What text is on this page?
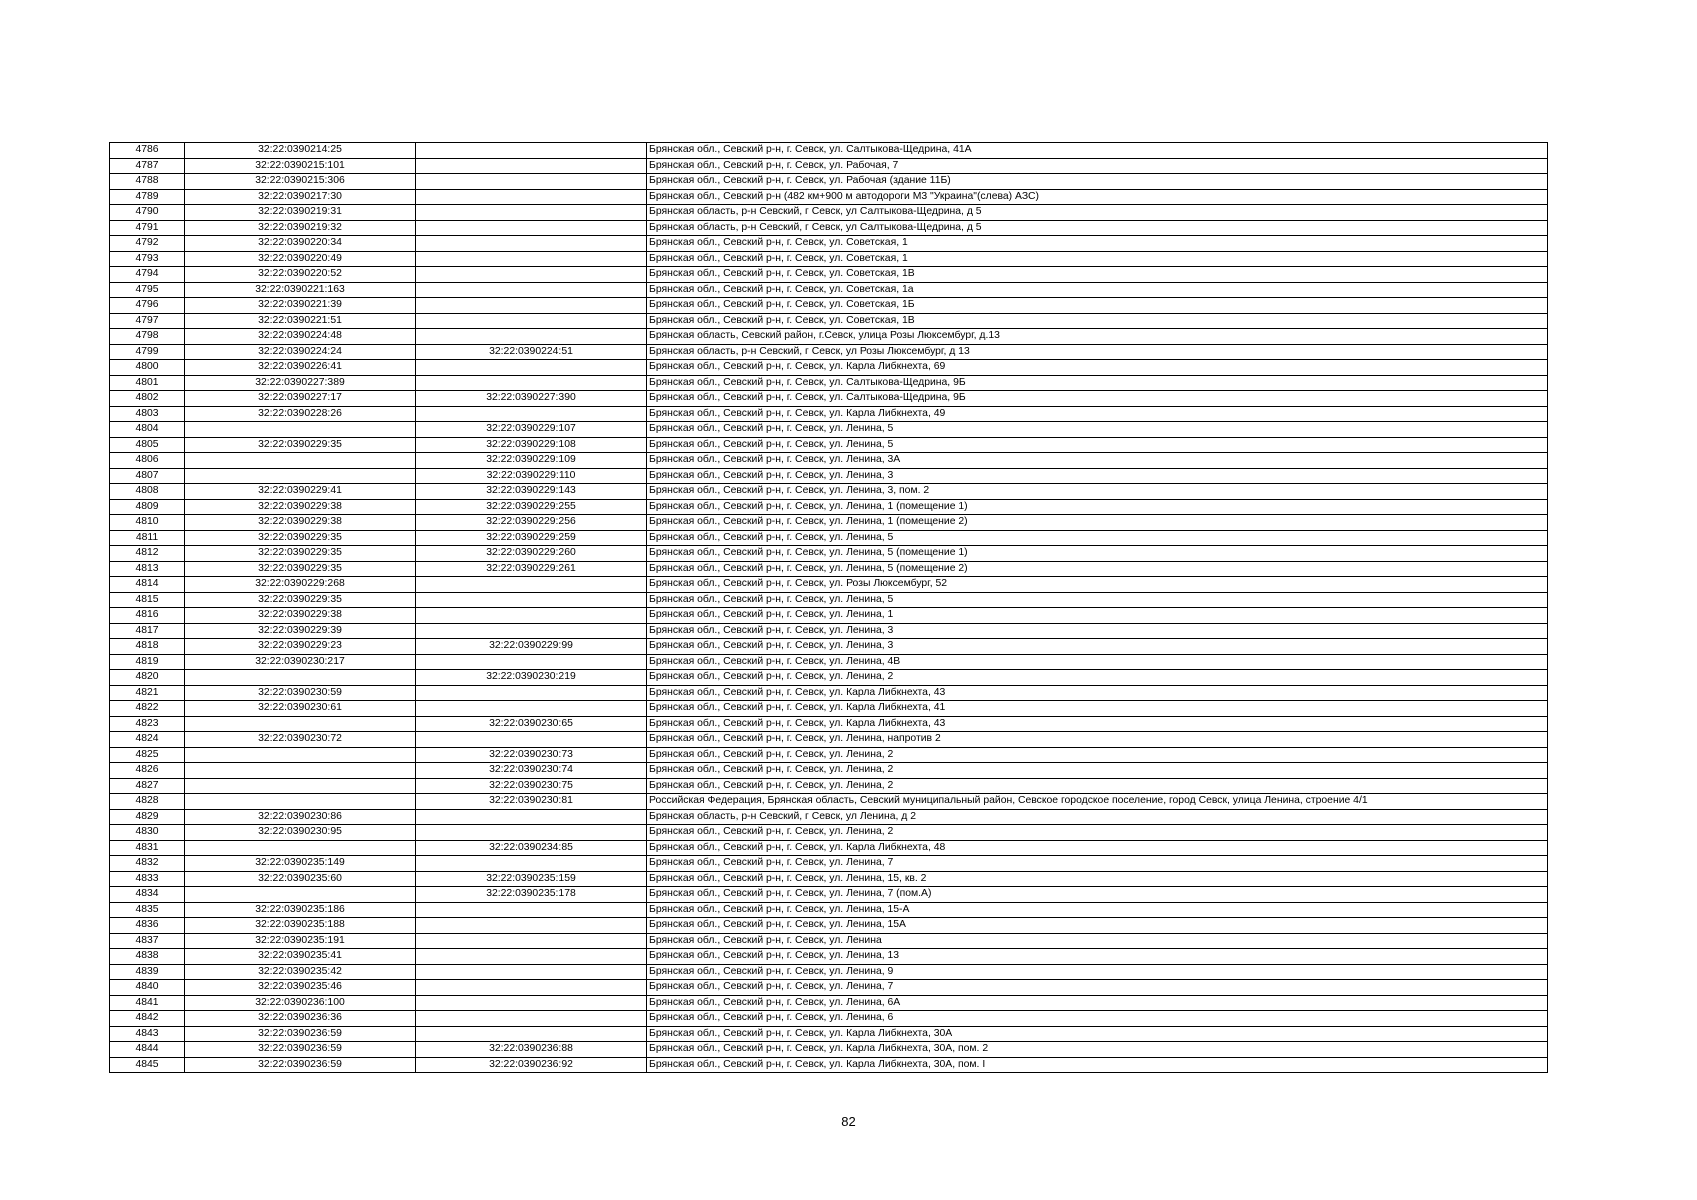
4786	32:22:0390214:25		Брянская обл., Севский р-н, г. Севск, ул. Салтыкова-Щедрина, 41А
4787	32:22:0390215:101		Брянская обл., Севский р-н, г. Севск, ул. Рабочая, 7
4788	32:22:0390215:306		Брянская обл., Севский р-н, г. Севск, ул. Рабочая (здание 11Б)
4789	32:22:0390217:30		Брянская обл., Севский р-н (482 км+900 м автодороги М3 "Украина"(слева) АЗС)
4790	32:22:0390219:31		Брянская область, р-н Севский, г Севск, ул Салтыкова-Щедрина, д 5
4791	32:22:0390219:32		Брянская область, р-н Севский, г Севск, ул Салтыкова-Щедрина, д 5
4792	32:22:0390220:34		Брянская обл., Севский р-н, г. Севск, ул. Советская, 1
4793	32:22:0390220:49		Брянская обл., Севский р-н, г. Севск, ул. Советская, 1
4794	32:22:0390220:52		Брянская обл., Севский р-н, г. Севск, ул. Советская, 1В
4795	32:22:0390221:163		Брянская обл., Севский р-н, г. Севск, ул. Советская, 1а
4796	32:22:0390221:39		Брянская обл., Севский р-н, г. Севск, ул. Советская, 1Б
4797	32:22:0390221:51		Брянская обл., Севский р-н, г. Севск, ул. Советская, 1В
4798	32:22:0390224:48		Брянская область, Севский район, г.Севск, улица Розы Люксембург, д.13
4799	32:22:0390224:24	32:22:0390224:51	Брянская область, р-н Севский, г Севск, ул Розы Люксембург, д 13
4800	32:22:0390226:41		Брянская обл., Севский р-н, г. Севск, ул. Карла Либкнехта, 69
4801	32:22:0390227:389		Брянская обл., Севский р-н, г. Севск, ул. Салтыкова-Щедрина, 9Б
4802	32:22:0390227:17	32:22:0390227:390	Брянская обл., Севский р-н, г. Севск, ул. Салтыкова-Щедрина, 9Б
4803	32:22:0390228:26		Брянская обл., Севский р-н, г. Севск, ул. Карла Либкнехта, 49
4804		32:22:0390229:107	Брянская обл., Севский р-н, г. Севск, ул. Ленина, 5
4805	32:22:0390229:35	32:22:0390229:108	Брянская обл., Севский р-н, г. Севск, ул. Ленина, 5
4806		32:22:0390229:109	Брянская обл., Севский р-н, г. Севск, ул. Ленина, 3А
4807		32:22:0390229:110	Брянская обл., Севский р-н, г. Севск, ул. Ленина, 3
4808	32:22:0390229:41	32:22:0390229:143	Брянская обл., Севский р-н, г. Севск, ул. Ленина, 3, пом. 2
4809	32:22:0390229:38	32:22:0390229:255	Брянская обл., Севский р-н, г. Севск, ул. Ленина, 1 (помещение 1)
4810	32:22:0390229:38	32:22:0390229:256	Брянская обл., Севский р-н, г. Севск, ул. Ленина, 1 (помещение 2)
4811	32:22:0390229:35	32:22:0390229:259	Брянская обл., Севский р-н, г. Севск, ул. Ленина, 5
4812	32:22:0390229:35	32:22:0390229:260	Брянская обл., Севский р-н, г. Севск, ул. Ленина, 5 (помещение 1)
4813	32:22:0390229:35	32:22:0390229:261	Брянская обл., Севский р-н, г. Севск, ул. Ленина, 5 (помещение 2)
4814	32:22:0390229:268		Брянская обл., Севский р-н, г. Севск, ул. Розы Люксембург, 52
4815	32:22:0390229:35		Брянская обл., Севский р-н, г. Севск, ул. Ленина, 5
4816	32:22:0390229:38		Брянская обл., Севский р-н, г. Севск, ул. Ленина, 1
4817	32:22:0390229:39		Брянская обл., Севский р-н, г. Севск, ул. Ленина, 3
4818	32:22:0390229:23	32:22:0390229:99	Брянская обл., Севский р-н, г. Севск, ул. Ленина, 3
4819	32:22:0390230:217		Брянская обл., Севский р-н, г. Севск, ул. Ленина, 4В
4820		32:22:0390230:219	Брянская обл., Севский р-н, г. Севск, ул. Ленина, 2
4821	32:22:0390230:59		Брянская обл., Севский р-н, г. Севск, ул. Карла Либкнехта, 43
4822	32:22:0390230:61		Брянская обл., Севский р-н, г. Севск, ул. Карла Либкнехта, 41
4823		32:22:0390230:65	Брянская обл., Севский р-н, г. Севск, ул. Карла Либкнехта, 43
4824	32:22:0390230:72		Брянская обл., Севский р-н, г. Севск, ул. Ленина, напротив 2
4825		32:22:0390230:73	Брянская обл., Севский р-н, г. Севск, ул. Ленина, 2
4826		32:22:0390230:74	Брянская обл., Севский р-н, г. Севск, ул. Ленина, 2
4827		32:22:0390230:75	Брянская обл., Севский р-н, г. Севск, ул. Ленина, 2
4828		32:22:0390230:81	Российская Федерация, Брянская область, Севский муниципальный район, Севское городское поселение, город Севск, улица Ленина, строение 4/1
4829	32:22:0390230:86		Брянская область, р-н Севский, г Севск, ул Ленина, д 2
4830	32:22:0390230:95		Брянская обл., Севский р-н, г. Севск, ул. Ленина, 2
4831		32:22:0390234:85	Брянская обл., Севский р-н, г. Севск, ул. Карла Либкнехта, 48
4832	32:22:0390235:149		Брянская обл., Севский р-н, г. Севск, ул. Ленина, 7
4833	32:22:0390235:60	32:22:0390235:159	Брянская обл., Севский р-н, г. Севск, ул. Ленина, 15, кв. 2
4834		32:22:0390235:178	Брянская обл., Севский р-н, г. Севск, ул. Ленина, 7 (пом.А)
4835	32:22:0390235:186		Брянская обл., Севский р-н, г. Севск, ул. Ленина, 15-А
4836	32:22:0390235:188		Брянская обл., Севский р-н, г. Севск, ул. Ленина, 15А
4837	32:22:0390235:191		Брянская обл., Севский р-н, г. Севск, ул. Ленина
4838	32:22:0390235:41		Брянская обл., Севский р-н, г. Севск, ул. Ленина, 13
4839	32:22:0390235:42		Брянская обл., Севский р-н, г. Севск, ул. Ленина, 9
4840	32:22:0390235:46		Брянская обл., Севский р-н, г. Севск, ул. Ленина, 7
4841	32:22:0390236:100		Брянская обл., Севский р-н, г. Севск, ул. Ленина, 6А
4842	32:22:0390236:36		Брянская обл., Севский р-н, г. Севск, ул. Ленина, 6
4843	32:22:0390236:59		Брянская обл., Севский р-н, г. Севск, ул. Карла Либкнехта, 30А
4844	32:22:0390236:59	32:22:0390236:88	Брянская обл., Севский р-н, г. Севск, ул. Карла Либкнехта, 30А, пом. 2
4845	32:22:0390236:59	32:22:0390236:92	Брянская обл., Севский р-н, г. Севск, ул. Карла Либкнехта, 30А, пом. I
82
